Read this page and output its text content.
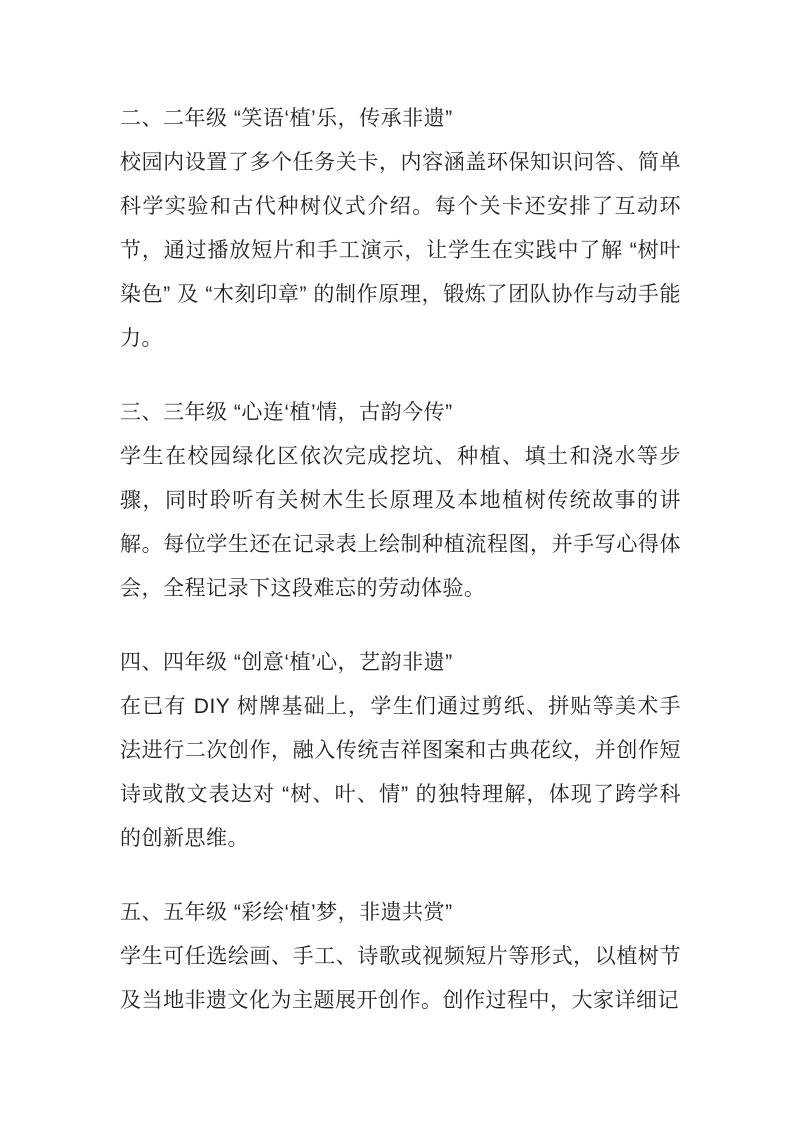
二、二年级 “笑语‘植’乐，传承非遗”

校园内设置了多个任务关卡，内容涵盖环保知识问答、简单科学实验和古代种树仪式介绍。每个关卡还安排了互动环节，通过播放短片和手工演示，让学生在实践中了解 “树叶染色” 及 “木刻印章” 的制作原理，锻炼了团队协作与动手能力。

三、三年级 “心连‘植’情，古韵今传”

学生在校园绿化区依次完成挖坑、种植、填土和浇水等步骤，同时聆听有关树木生长原理及本地植树传统故事的讲解。每位学生还在记录表上绘制种植流程图，并手写心得体会，全程记录下这段难忘的劳动体验。

四、四年级 “创意‘植’心，艺韵非遗”

在已有 DIY 树牌基础上，学生们通过剪纸、拼贴等美术手法进行二次创作，融入传统吉祥图案和古典花纹，并创作短诗或散文表达对 “树、叶、情” 的独特理解，体现了跨学科的创新思维。

五、五年级 “彩绘‘植’梦，非遗共赏”

学生可任选绘画、手工、诗歌或视频短片等形式，以植树节及当地非遗文化为主题展开创作。创作过程中，大家详细记
